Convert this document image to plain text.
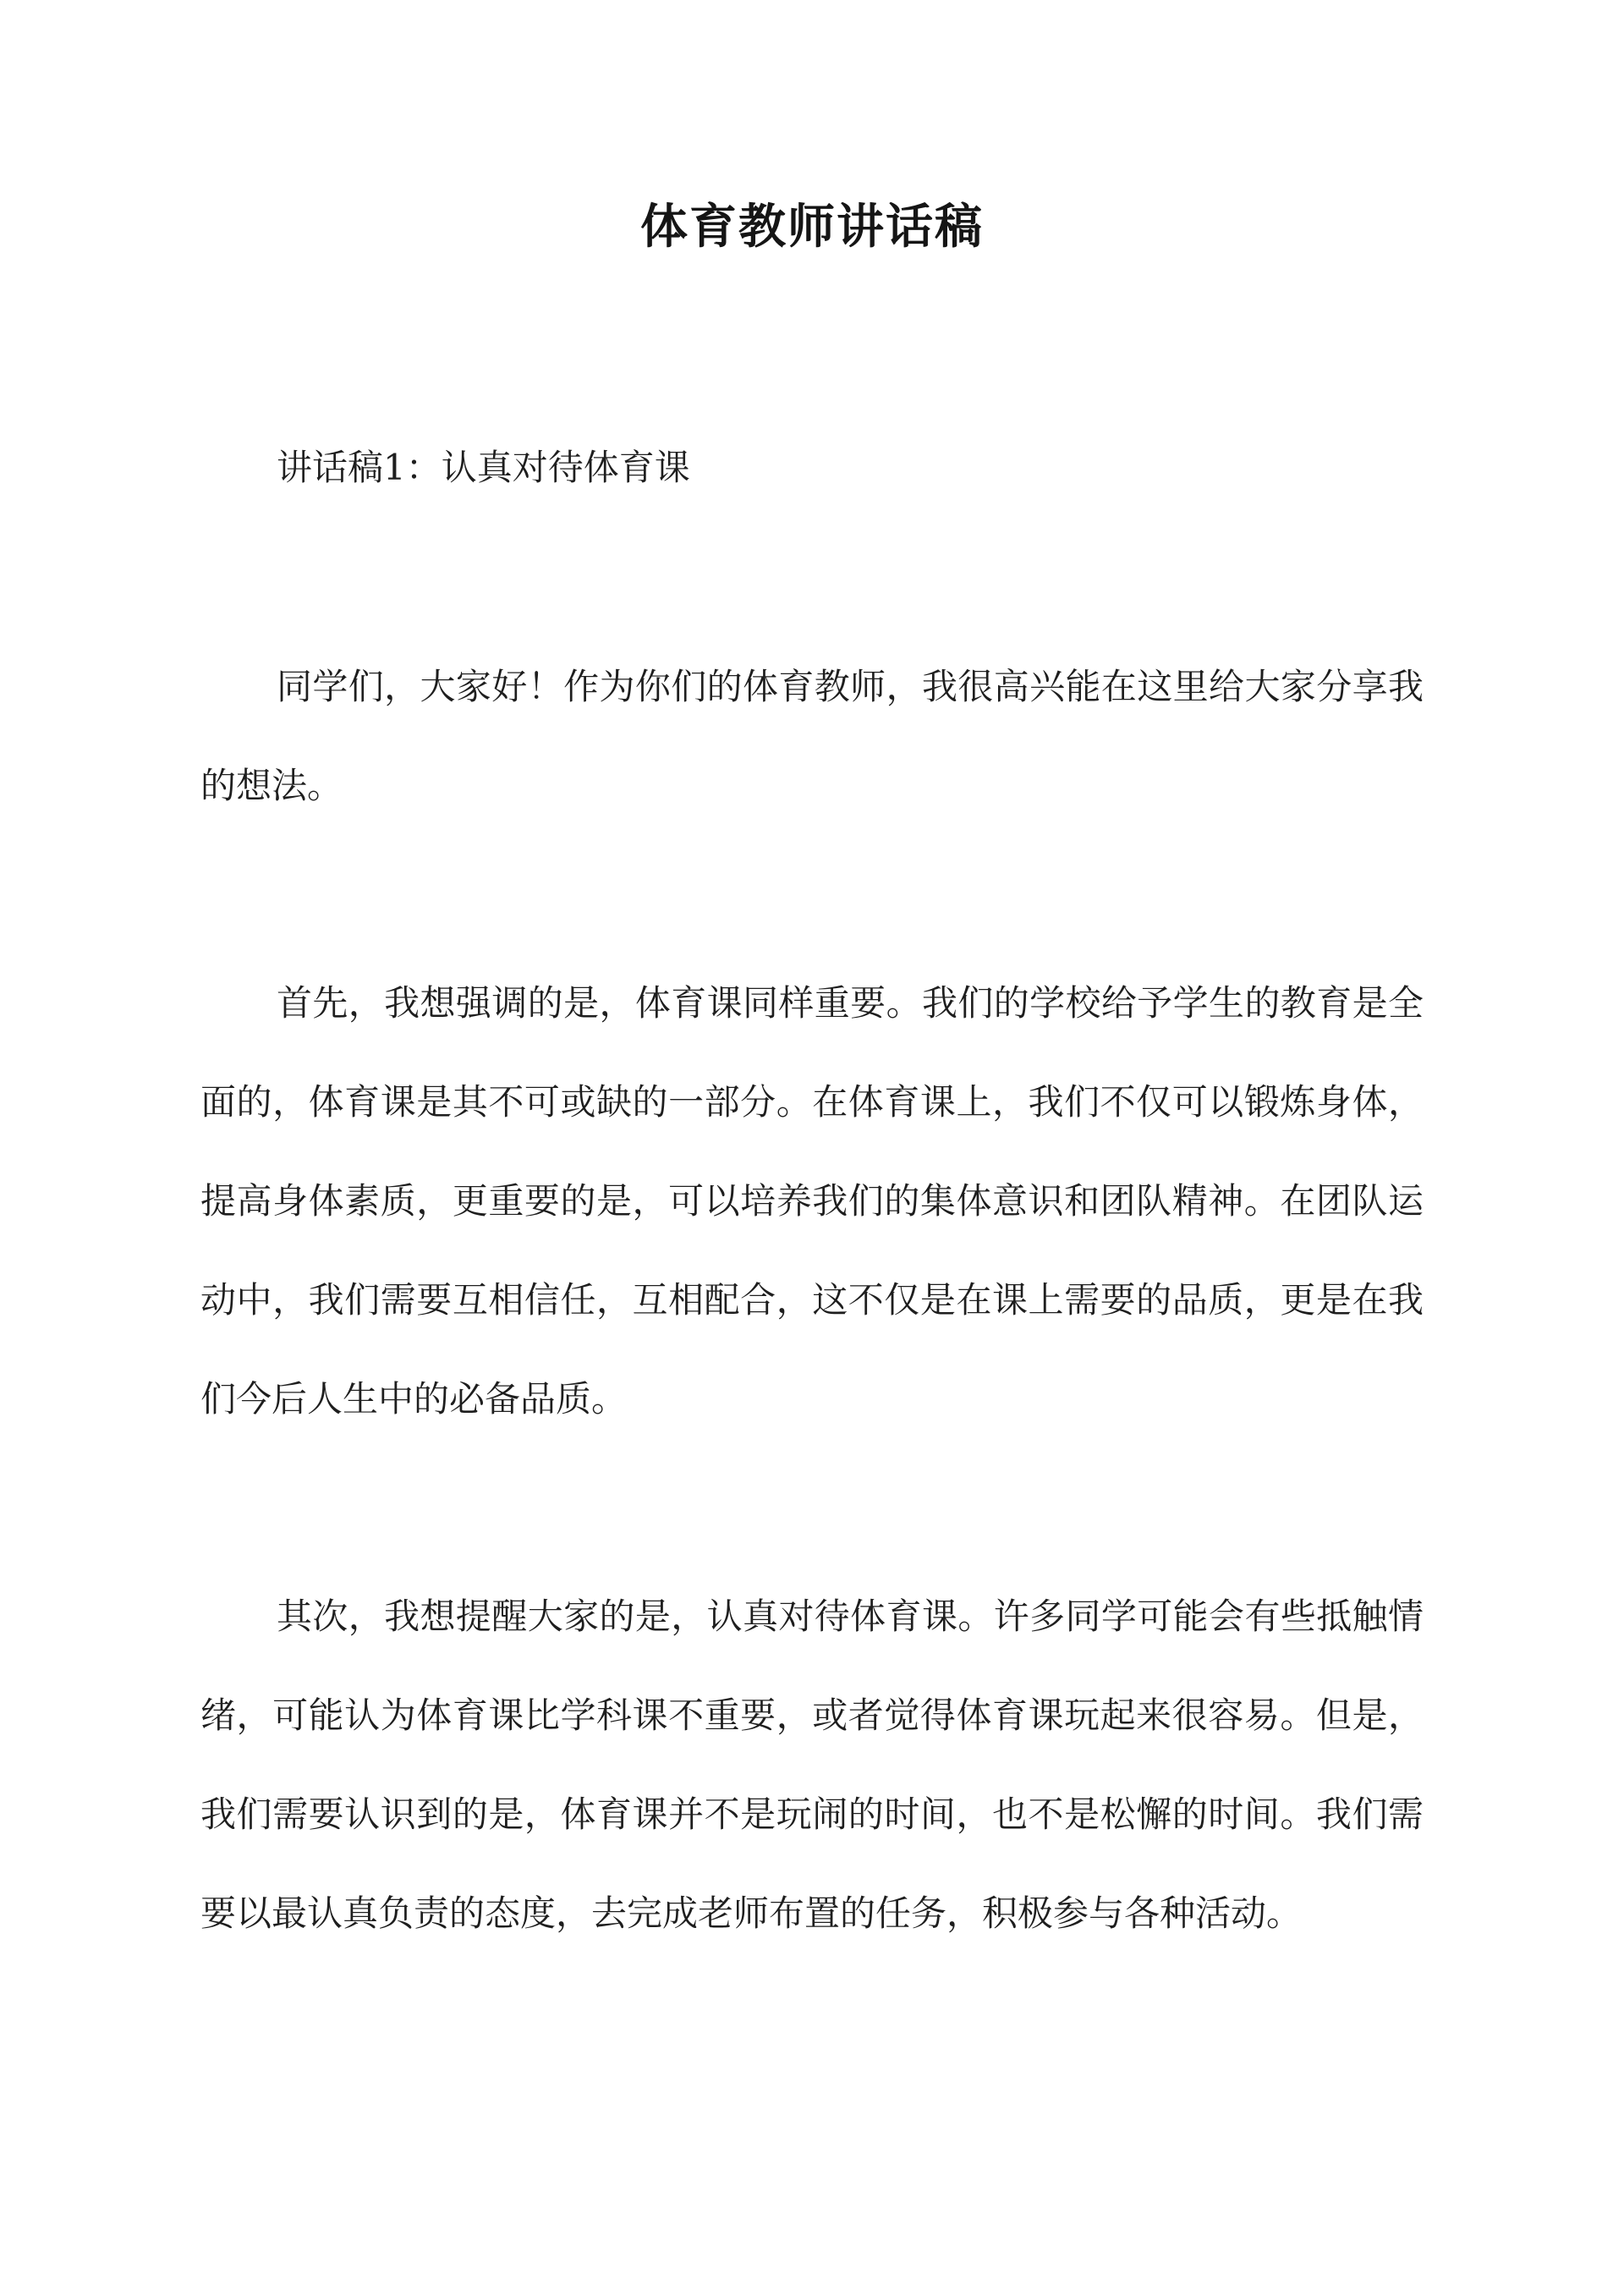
体育教师讲话稿
讲话稿1：认真对待体育课

同学们，大家好！作为你们的体育教师，我很高兴能在这里给大家分享我的想法。

首先，我想强调的是，体育课同样重要。我们的学校给予学生的教育是全面的，体育课是其不可或缺的一部分。在体育课上，我们不仅可以锻炼身体，提高身体素质，更重要的是，可以培养我们的集体意识和团队精神。在团队运动中，我们需要互相信任，互相配合，这不仅是在课上需要的品质，更是在我们今后人生中的必备品质。

其次，我想提醒大家的是，认真对待体育课。许多同学可能会有些抵触情绪，可能认为体育课比学科课不重要，或者觉得体育课玩起来很容易。但是，我们需要认识到的是，体育课并不是玩闹的时间，也不是松懈的时间。我们需要以最认真负责的态度，去完成老师布置的任务，积极参与各种活动。
